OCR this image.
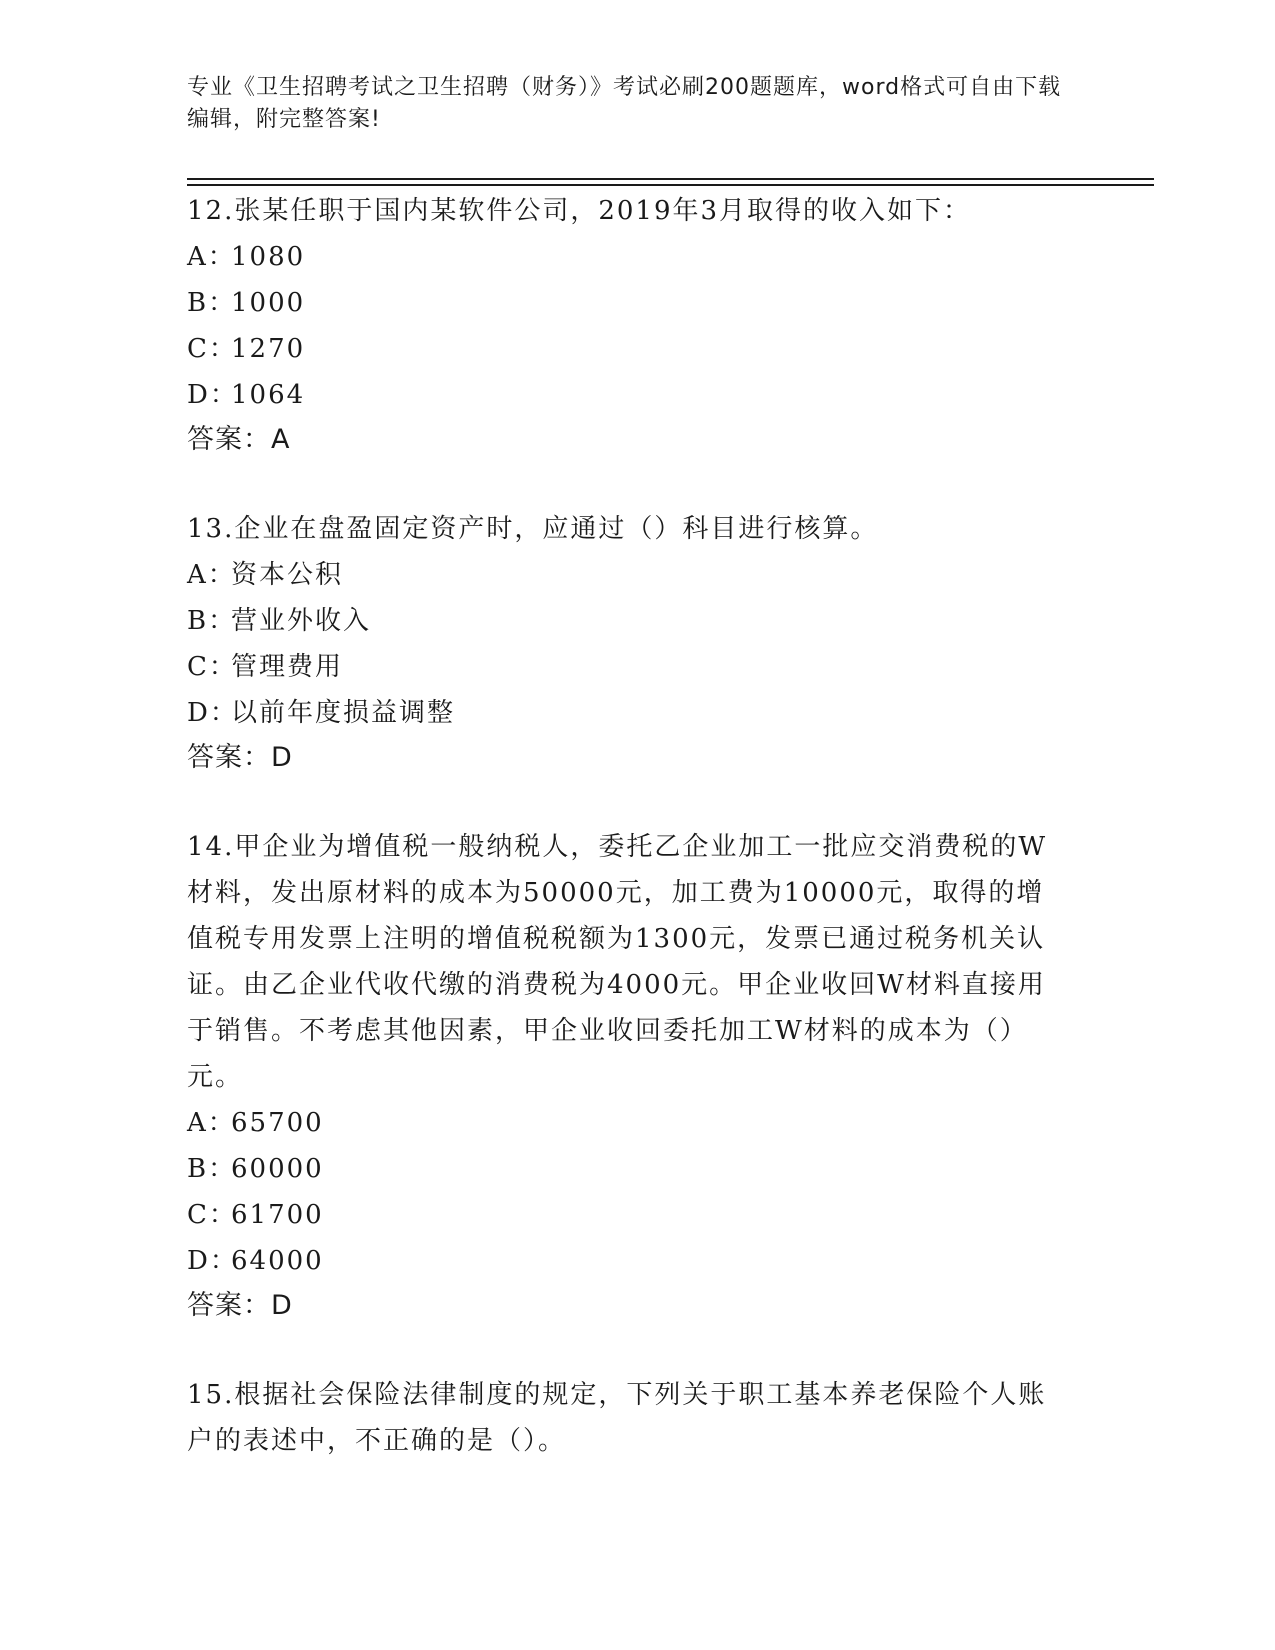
专业《卫生招聘考试之卫生招聘（财务）》考试必刷200题题库，word格式可自由下载编辑，附完整答案!
12.张某任职于国内某软件公司，2019年3月取得的收入如下：
A：1080
B：1000
C：1270
D：1064
答案：A
13.企业在盘盈固定资产时，应通过（）科目进行核算。
A：资本公积
B：营业外收入
C：管理费用
D：以前年度损益调整
答案：D
14.甲企业为增值税一般纳税人，委托乙企业加工一批应交消费税的W材料，发出原材料的成本为50000元，加工费为10000元，取得的增值税专用发票上注明的增值税税额为1300元，发票已通过税务机关认证。由乙企业代收代缴的消费税为4000元。甲企业收回W材料直接用于销售。不考虑其他因素，甲企业收回委托加工W材料的成本为（）元。
A：65700
B：60000
C：61700
D：64000
答案：D
15.根据社会保险法律制度的规定，下列关于职工基本养老保险个人账户的表述中，不正确的是（）。
